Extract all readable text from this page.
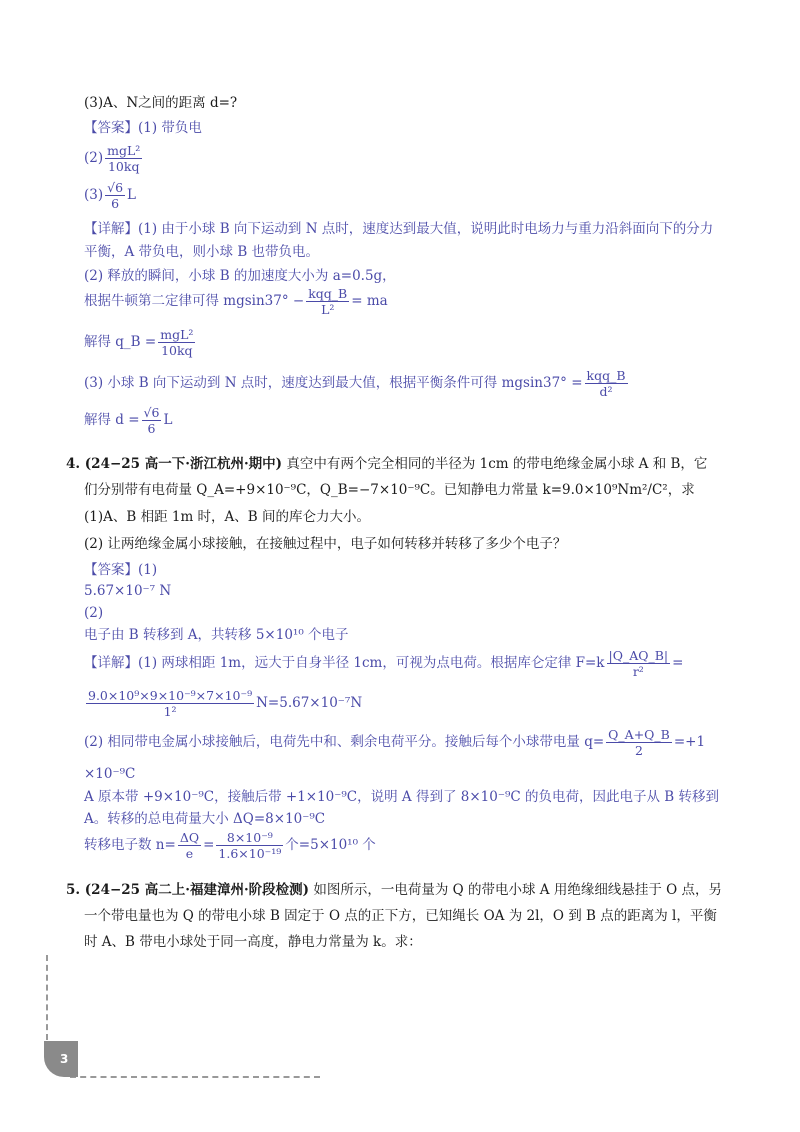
(3)A、N之间的距离 d=?
【答案】(1) 带负电
$(2) \frac{\text{mgL²}}{10kq}$
$(3) \frac{√6}{6}$ L
【详解】(1) 由于小球 B 向下运动到 N 点时，速度达到最大值，说明此时电场力与重力沿斜面向下的分力
平衡，A 带负电，则小球 B 也带负电。
(2) 释放的瞬间，小球 B 的加速度大小为 a=0.5g，
根据牛顿第二定律可得 $mgsin37^\circ - \frac{\text{kqq\_B}}{\text{L²}}$ = ma
解得 q_B = $\frac{\text{mgL²}}{10kq}$
(3) 小球 B 向下运动到 N 点时，速度达到最大值，根据平衡条件可得 $mgsin37^\circ = \frac{\text{kqq\_B}}{\text{d²}}$
解得 $d = \frac{√6}{6}$ L
4. (24−25 高一下·浙江杭州·期中) 真空中有两个完全相同的半径为 1cm 的带电绝缘金属小球 A 和 B，它
们分别带有电荷量 Q_A=+9×10⁻⁹C，Q_B=−7×10⁻⁹C。已知静电力常量 k=9.0×10⁹Nm²/C²，求
(1)A、B 相距 1m 时，A、B 间的库仑力大小。
(2) 让两绝缘金属小球接触，在接触过程中，电子如何转移并转移了多少个电子？
【答案】(1)
5.67×10⁻⁷ N
(2)
电子由 B 转移到 A，共转移 5×10¹⁰ 个电子
【详解】(1) 两球相距 1m，远大于自身半径 1cm，可视为点电荷。根据库仑定律 $F=k \frac{|Q\_AQ\_B|}{\text{r²}}$ =
$\frac{\text{9.0×10⁹×9×10⁻⁹×7×10⁻⁹}}{\text{1²}} N=5.67\times 10^{-7}N$
(2) 相同带电金属小球接触后，电荷先中和、剩余电荷平分。接触后每个小球带电量 $q= \frac{Q\_A+Q\_B}{2} =+1$
×10⁻⁹C
A 原本带 +9×10⁻⁹C，接触后带 +1×10⁻⁹C，说明 A 得到了 8×10⁻⁹C 的负电荷，因此电子从 B 转移到
A。转移的总电荷量大小 ΔQ=8×10⁻⁹C
转移电子数 $n= \frac{\Delta Q}{e} = \frac{\text{8×10⁻⁹}}{\text{1.6×10⁻¹⁹}}$ 个=5×10¹⁰ 个
5. (24−25 高二上·福建漳州·阶段检测) 如图所示，一电荷量为 Q 的带电小球 A 用绝缘细线悬挂于 O 点，另
一个带电量也为 Q 的带电小球 B 固定于 O 点的正下方，已知绳长 OA 为 2l，O 到 B 点的距离为 l，平衡
时 A、B 带电小球处于同一高度，静电力常量为 k。求：
3
